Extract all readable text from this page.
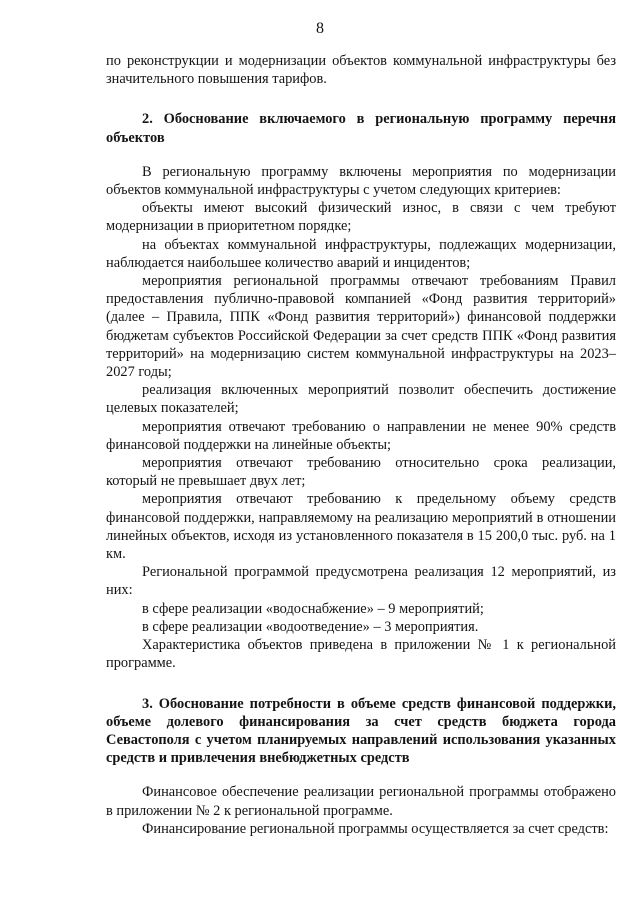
8

по реконструкции и модернизации объектов коммунальной инфраструктуры без значительного повышения тарифов.

2. Обоснование включаемого в региональную программу перечня объектов

В региональную программу включены мероприятия по модернизации объектов коммунальной инфраструктуры с учетом следующих критериев:

объекты имеют высокий физический износ, в связи с чем требуют модернизации в приоритетном порядке;

на объектах коммунальной инфраструктуры, подлежащих модернизации, наблюдается наибольшее количество аварий и инцидентов;

мероприятия региональной программы отвечают требованиям Правил предоставления публично-правовой компанией «Фонд развития территорий» (далее – Правила, ППК «Фонд развития территорий») финансовой поддержки бюджетам субъектов Российской Федерации за счет средств ППК «Фонд развития территорий» на модернизацию систем коммунальной инфраструктуры на 2023–2027 годы;

реализация включенных мероприятий позволит обеспечить достижение целевых показателей;

мероприятия отвечают требованию о направлении не менее 90% средств финансовой поддержки на линейные объекты;

мероприятия отвечают требованию относительно срока реализации, который не превышает двух лет;

мероприятия отвечают требованию к предельному объему средств финансовой поддержки, направляемому на реализацию мероприятий в отношении линейных объектов, исходя из установленного показателя в 15 200,0 тыс. руб. на 1 км.

Региональной программой предусмотрена реализация 12 мероприятий, из них:

в сфере реализации «водоснабжение» – 9 мероприятий;

в сфере реализации «водоотведение» – 3 мероприятия.

Характеристика объектов приведена в приложении № 1 к региональной программе.

3. Обоснование потребности в объеме средств финансовой поддержки, объеме долевого финансирования за счет средств бюджета города Севастополя с учетом планируемых направлений использования указанных средств и привлечения внебюджетных средств

Финансовое обеспечение реализации региональной программы отображено в приложении № 2 к региональной программе.

Финансирование региональной программы осуществляется за счет средств:
